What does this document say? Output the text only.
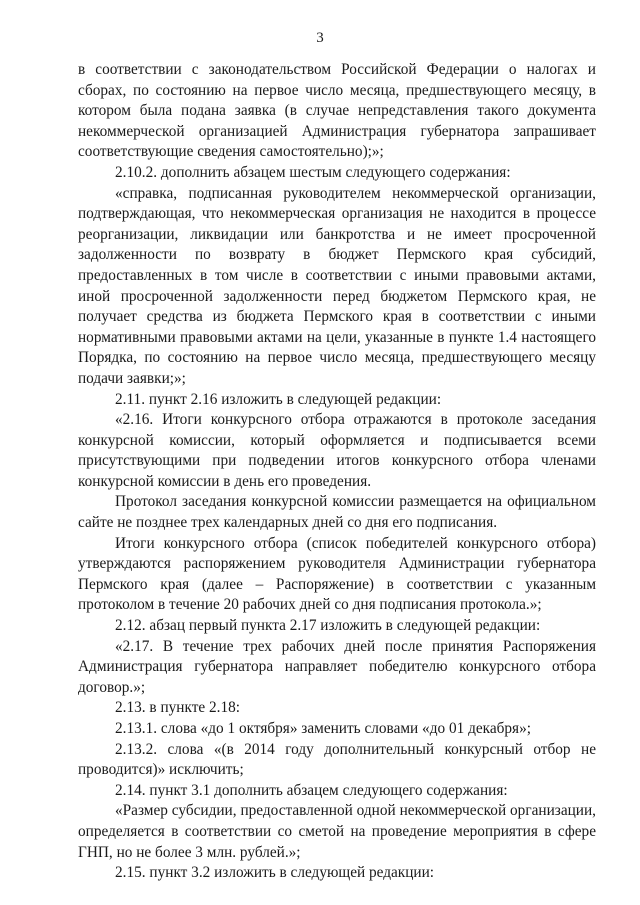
3

в соответствии с законодательством Российской Федерации о налогах и сборах, по состоянию на первое число месяца, предшествующего месяцу, в котором была подана заявка (в случае непредставления такого документа некоммерческой организацией Администрация губернатора запрашивает соответствующие сведения самостоятельно);»;

2.10.2. дополнить абзацем шестым следующего содержания:

«справка, подписанная руководителем некоммерческой организации, подтверждающая, что некоммерческая организация не находится в процессе реорганизации, ликвидации или банкротства и не имеет просроченной задолженности по возврату в бюджет Пермского края субсидий, предоставленных в том числе в соответствии с иными правовыми актами, иной просроченной задолженности перед бюджетом Пермского края, не получает средства из бюджета Пермского края в соответствии с иными нормативными правовыми актами на цели, указанные в пункте 1.4 настоящего Порядка, по состоянию на первое число месяца, предшествующего месяцу подачи заявки;»;

2.11. пункт 2.16 изложить в следующей редакции:

«2.16. Итоги конкурсного отбора отражаются в протоколе заседания конкурсной комиссии, который оформляется и подписывается всеми присутствующими при подведении итогов конкурсного отбора членами конкурсной комиссии в день его проведения.

Протокол заседания конкурсной комиссии размещается на официальном сайте не позднее трех календарных дней со дня его подписания.

Итоги конкурсного отбора (список победителей конкурсного отбора) утверждаются распоряжением руководителя Администрации губернатора Пермского края (далее – Распоряжение) в соответствии с указанным протоколом в течение 20 рабочих дней со дня подписания протокола.»;

2.12. абзац первый пункта 2.17 изложить в следующей редакции:

«2.17. В течение трех рабочих дней после принятия Распоряжения Администрация губернатора направляет победителю конкурсного отбора договор.»;

2.13. в пункте 2.18:

2.13.1. слова «до 1 октября» заменить словами «до 01 декабря»;

2.13.2. слова «(в 2014 году дополнительный конкурсный отбор не проводится)» исключить;

2.14. пункт 3.1 дополнить абзацем следующего содержания:

«Размер субсидии, предоставленной одной некоммерческой организации, определяется в соответствии со сметой на проведение мероприятия в сфере ГНП, но не более 3 млн. рублей.»;

2.15. пункт 3.2 изложить в следующей редакции:
